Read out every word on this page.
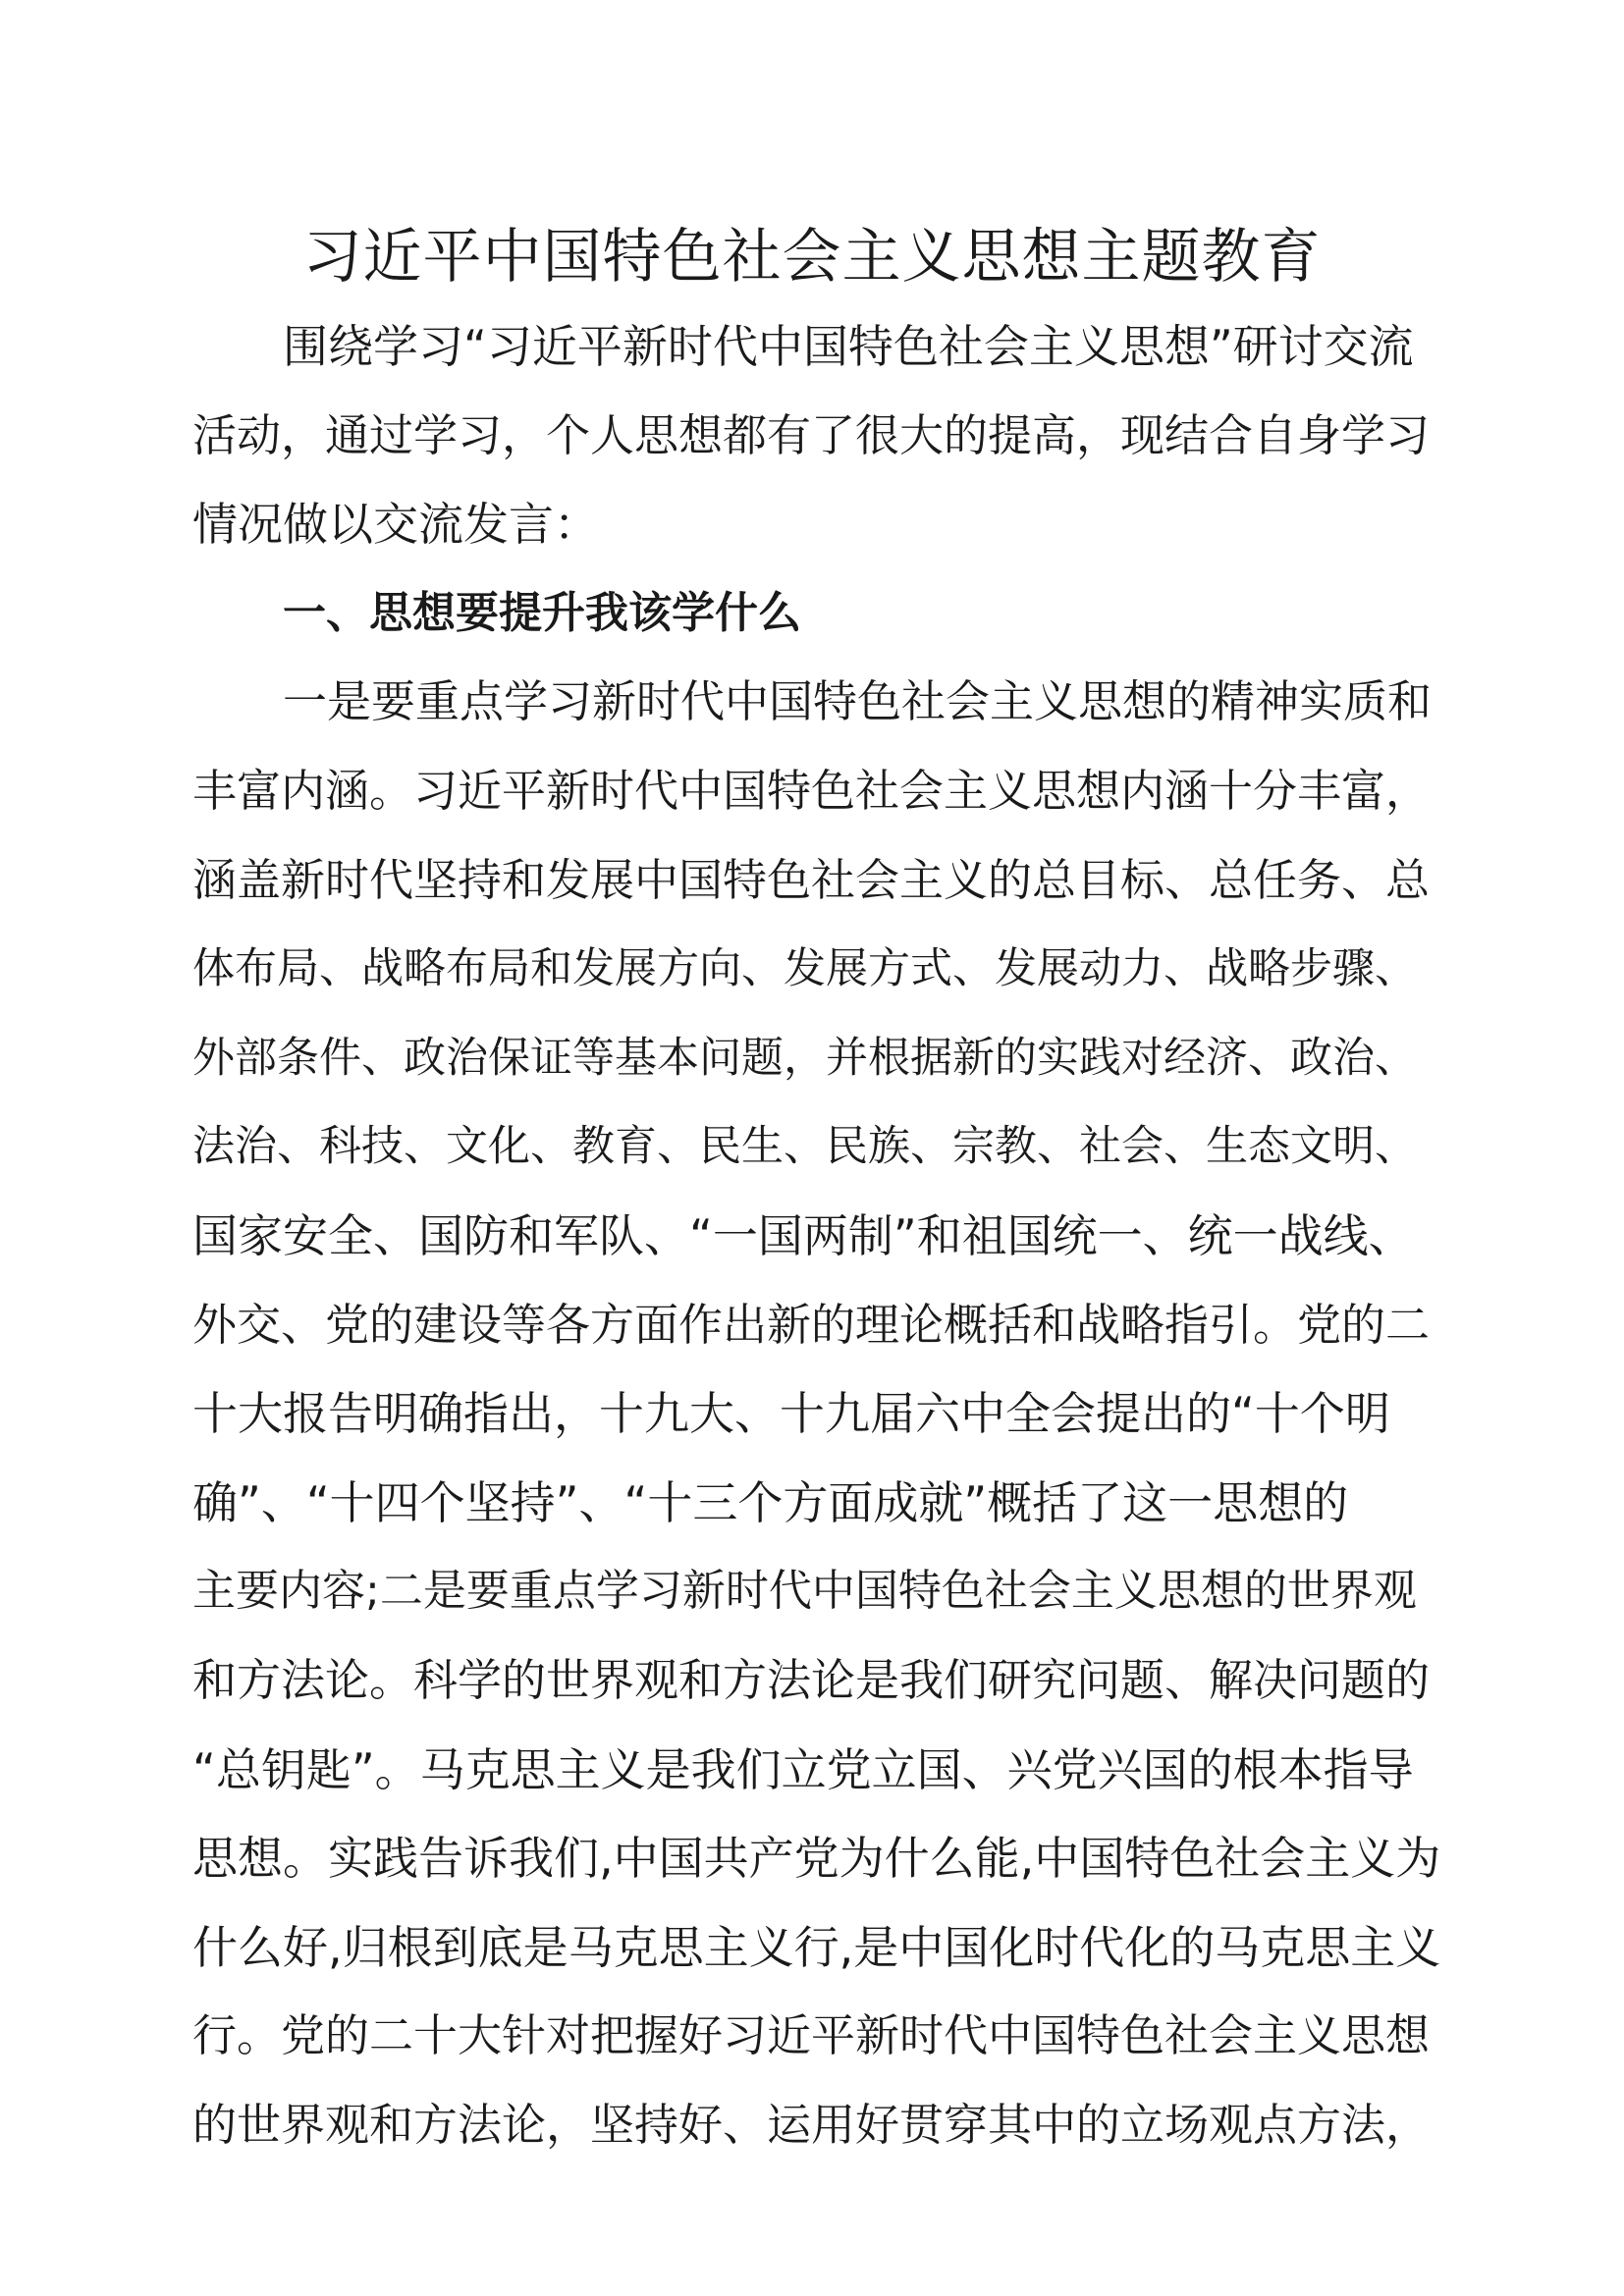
习近平中国特色社会主义思想主题教育
围绕学习“习近平新时代中国特色社会主义思想”研讨交流
活动，通过学习，个人思想都有了很大的提高，现结合自身学习
情况做以交流发言：
一、思想要提升我该学什么
一是要重点学习新时代中国特色社会主义思想的精神实质和
丰富内涵。习近平新时代中国特色社会主义思想内涵十分丰富，
涵盖新时代坚持和发展中国特色社会主义的总目标、总任务、总
体布局、战略布局和发展方向、发展方式、发展动力、战略步骤、
外部条件、政治保证等基本问题，并根据新的实践对经济、政治、
法治、科技、文化、教育、民生、民族、宗教、社会、生态文明、
国家安全、国防和军队、“一国两制”和祖国统一、统一战线、
外交、党的建设等各方面作出新的理论概括和战略指引。党的二
十大报告明确指出，十九大、十九届六中全会提出的“十个明
确”、“十四个坚持”、“十三个方面成就”概括了这一思想的
主要内容;二是要重点学习新时代中国特色社会主义思想的世界观
和方法论。科学的世界观和方法论是我们研究问题、解决问题的
“总钥匙”。马克思主义是我们立党立国、兴党兴国的根本指导
思想。实践告诉我们,中国共产党为什么能,中国特色社会主义为
什么好,归根到底是马克思主义行,是中国化时代化的马克思主义
行。党的二十大针对把握好习近平新时代中国特色社会主义思想
的世界观和方法论，坚持好、运用好贯穿其中的立场观点方法，
